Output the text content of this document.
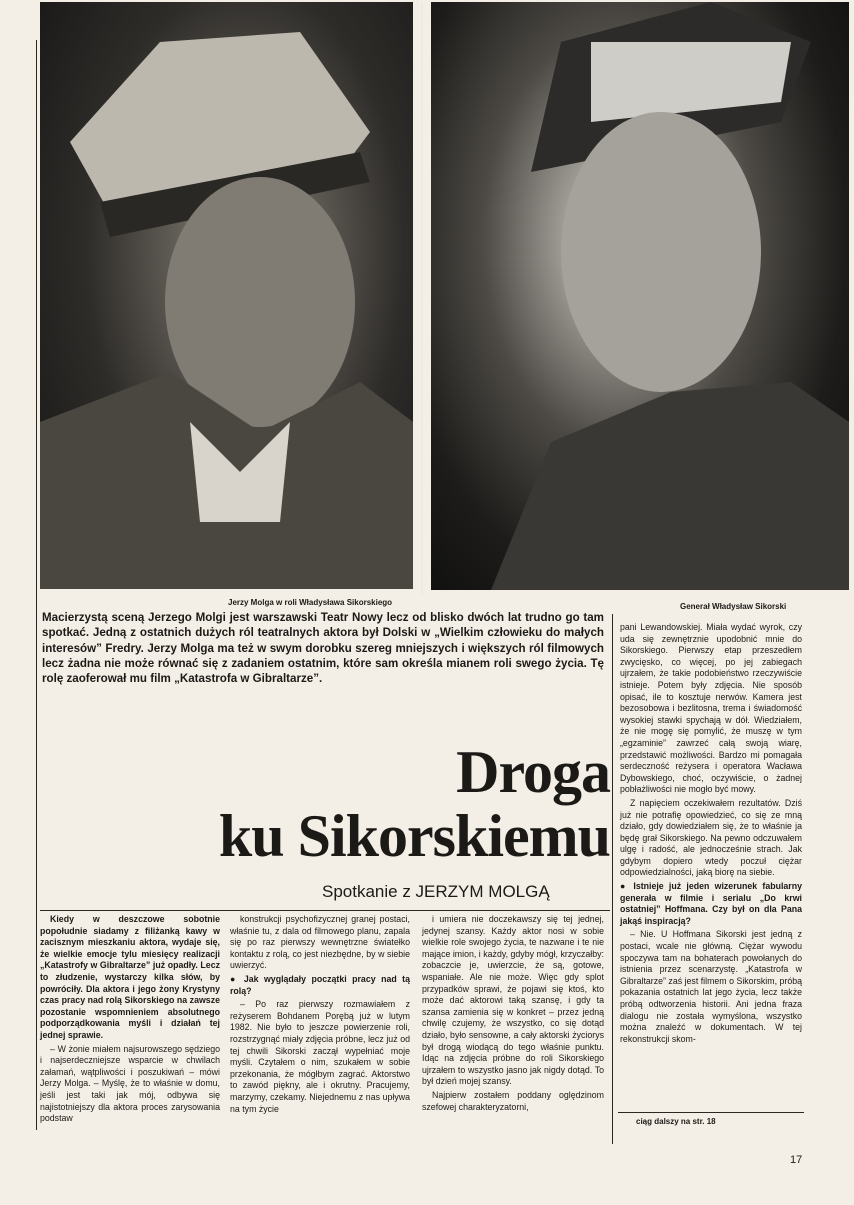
Jerzy Molga w roli Władysława Sikorskiego	Generał Władysław Sikorski
Macierzystą sceną Jerzego Molgi jest warszawski Teatr Nowy lecz od blisko dwóch lat trudno go tam spotkać. Jedną z ostatnich dużych ról teatralnych aktora był Dolski w „Wielkim człowieku do małych interesów” Fredry. Jerzy Molga ma też w swym dorobku szereg mniejszych i większych ról filmowych lecz żadna nie może równać się z zadaniem ostatnim, które sam określa mianem roli swego życia. Tę rolę zaoferował mu film „Katastrofa w Gibraltarze”.
Droga
ku Sikorskiemu
Spotkanie z JERZYM MOLGĄ

Kiedy w deszczowe sobotnie popołudnie siadamy z filiżanką kawy w zacisznym mieszkaniu aktora, wydaje się, że wielkie emocje tylu miesięcy realizacji „Katastrofy w Gibraltarze” już opadły. Lecz to złudzenie, wystarczy kilka słów, by powróciły. Dla aktora i jego żony Krystyny czas pracy nad rolą Sikorskiego na zawsze pozostanie wspomnieniem absolutnego podporządkowania myśli i działań tej jednej sprawie.

– W żonie miałem najsurowszego sędziego i najserdeczniejsze wsparcie w chwilach załamań, wątpliwości i poszukiwań – mówi Jerzy Molga. – Myślę, że to właśnie w domu, jeśli jest taki jak mój, odbywa się najistotniejszy dla aktora proces zarysowania podstaw

konstrukcji psychofizycznej granej postaci, właśnie tu, z dala od filmowego planu, zapala się po raz pierwszy wewnętrzne światełko kontaktu z rolą, co jest niezbędne, by w siebie uwierzyć.

● Jak wyglądały początki pracy nad tą rolą?

– Po raz pierwszy rozmawiałem z reżyserem Bohdanem Porębą już w lutym 1982. Nie było to jeszcze powierzenie roli, rozstrzygnąć miały zdjęcia próbne, lecz już od tej chwili Sikorski zaczął wypełniać moje myśli. Czytałem o nim, szukałem w sobie przekonania, że mógłbym zagrać. Aktorstwo to zawód piękny, ale i okrutny. Pracujemy, marzymy, czekamy. Niejednemu z nas upływa na tym życie

i umiera nie doczekawszy się tej jednej, jedynej szansy. Każdy aktor nosi w sobie wielkie role swojego życia, te nazwane i te nie mające imion, i każdy, gdyby mógł, krzyczałby: zobaczcie je, uwierzcie, że są, gotowe, wspaniałe. Ale nie może. Więc gdy splot przypadków sprawi, że pojawi się ktoś, kto może dać aktorowi taką szansę, i gdy ta szansa zamienia się w konkret – przez jedną chwilę czujemy, że wszystko, co się dotąd działo, było sensowne, a cały aktorski życiorys był drogą wiodącą do tego właśnie punktu. Idąc na zdjęcia próbne do roli Sikorskiego ujrzałem to wszystko jasno jak nigdy dotąd. To był dzień mojej szansy.

Najpierw zostałem poddany oględzinom szefowej charakteryzatorni,

pani Lewandowskiej. Miała wydać wyrok, czy uda się zewnętrznie upodobnić mnie do Sikorskiego. Pierwszy etap przeszedłem zwycięsko, co więcej, po jej zabiegach ujrzałem, że takie podobieństwo rzeczywiście istnieje. Potem były zdjęcia. Nie sposób opisać, ile to kosztuje nerwów. Kamera jest bezosobowa i bezlitosna, trema i świadomość wysokiej stawki spychają w dół. Wiedziałem, że nie mogę się pomylić, że muszę w tym „egzaminie” zawrzeć całą swoją wiarę, przedstawić możliwości. Bardzo mi pomagała serdeczność reżysera i operatora Wacława Dybowskiego, choć, oczywiście, o żadnej pobłażliwości nie mogło być mowy.

Z napięciem oczekiwałem rezultatów. Dziś już nie potrafię opowiedzieć, co się ze mną działo, gdy dowiedziałem się, że to właśnie ja będę grał Sikorskiego. Na pewno odczuwałem ulgę i radość, ale jednocześnie strach. Jak gdybym dopiero wtedy poczuł ciężar odpowiedzialności, jaką biorę na siebie.

● Istnieje już jeden wizerunek fabularny generała w filmie i serialu „Do krwi ostatniej” Hoffmana. Czy był on dla Pana jakąś inspiracją?

– Nie. U Hoffmana Sikorski jest jedną z postaci, wcale nie główną. Ciężar wywodu spoczywa tam na bohaterach powołanych do istnienia przez scenarzystę. „Katastrofa w Gibraltarze” zaś jest filmem o Sikorskim, próbą pokazania ostatnich lat jego życia, lecz także próbą odtworzenia historii. Ani jedna fraza dialogu nie została wymyślona, wszystko można znaleźć w dokumentach. W tej rekonstrukcji skom-

ciąg dalszy na str. 18
17
